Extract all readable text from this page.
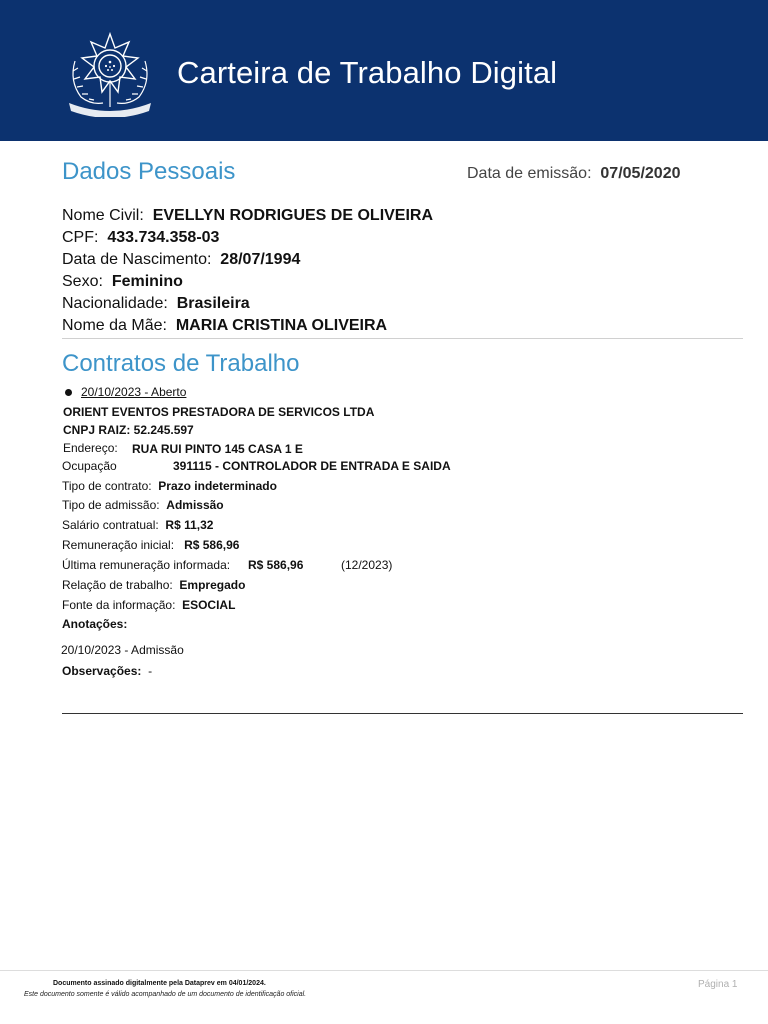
Carteira de Trabalho Digital
Dados Pessoais	Data de emissão: 07/05/2020
Nome Civil: EVELLYN RODRIGUES DE OLIVEIRA
CPF: 433.734.358-03
Data de Nascimento: 28/07/1994
Sexo: Feminino
Nacionalidade: Brasileira
Nome da Mãe: MARIA CRISTINA OLIVEIRA
Contratos de Trabalho
20/10/2023 - Aberto
ORIENT EVENTOS PRESTADORA DE SERVICOS LTDA
CNPJ RAIZ: 52.245.597
Endereço: RUA RUI PINTO 145 CASA 1 E
Ocupação	391115 - CONTROLADOR DE ENTRADA E SAIDA
Tipo de contrato: Prazo indeterminado
Tipo de admissão: Admissão
Salário contratual: R$ 11,32
Remuneração inicial: R$ 586,96
Última remuneração informada: R$ 586,96	(12/2023)
Relação de trabalho: Empregado
Fonte da informação: ESOCIAL
Anotações:
20/10/2023 - Admissão
Observações: -
Documento assinado digitalmente pela Dataprev em 04/01/2024.
Este documento somente é válido acompanhado de um documento de identificação oficial.
Página 1
